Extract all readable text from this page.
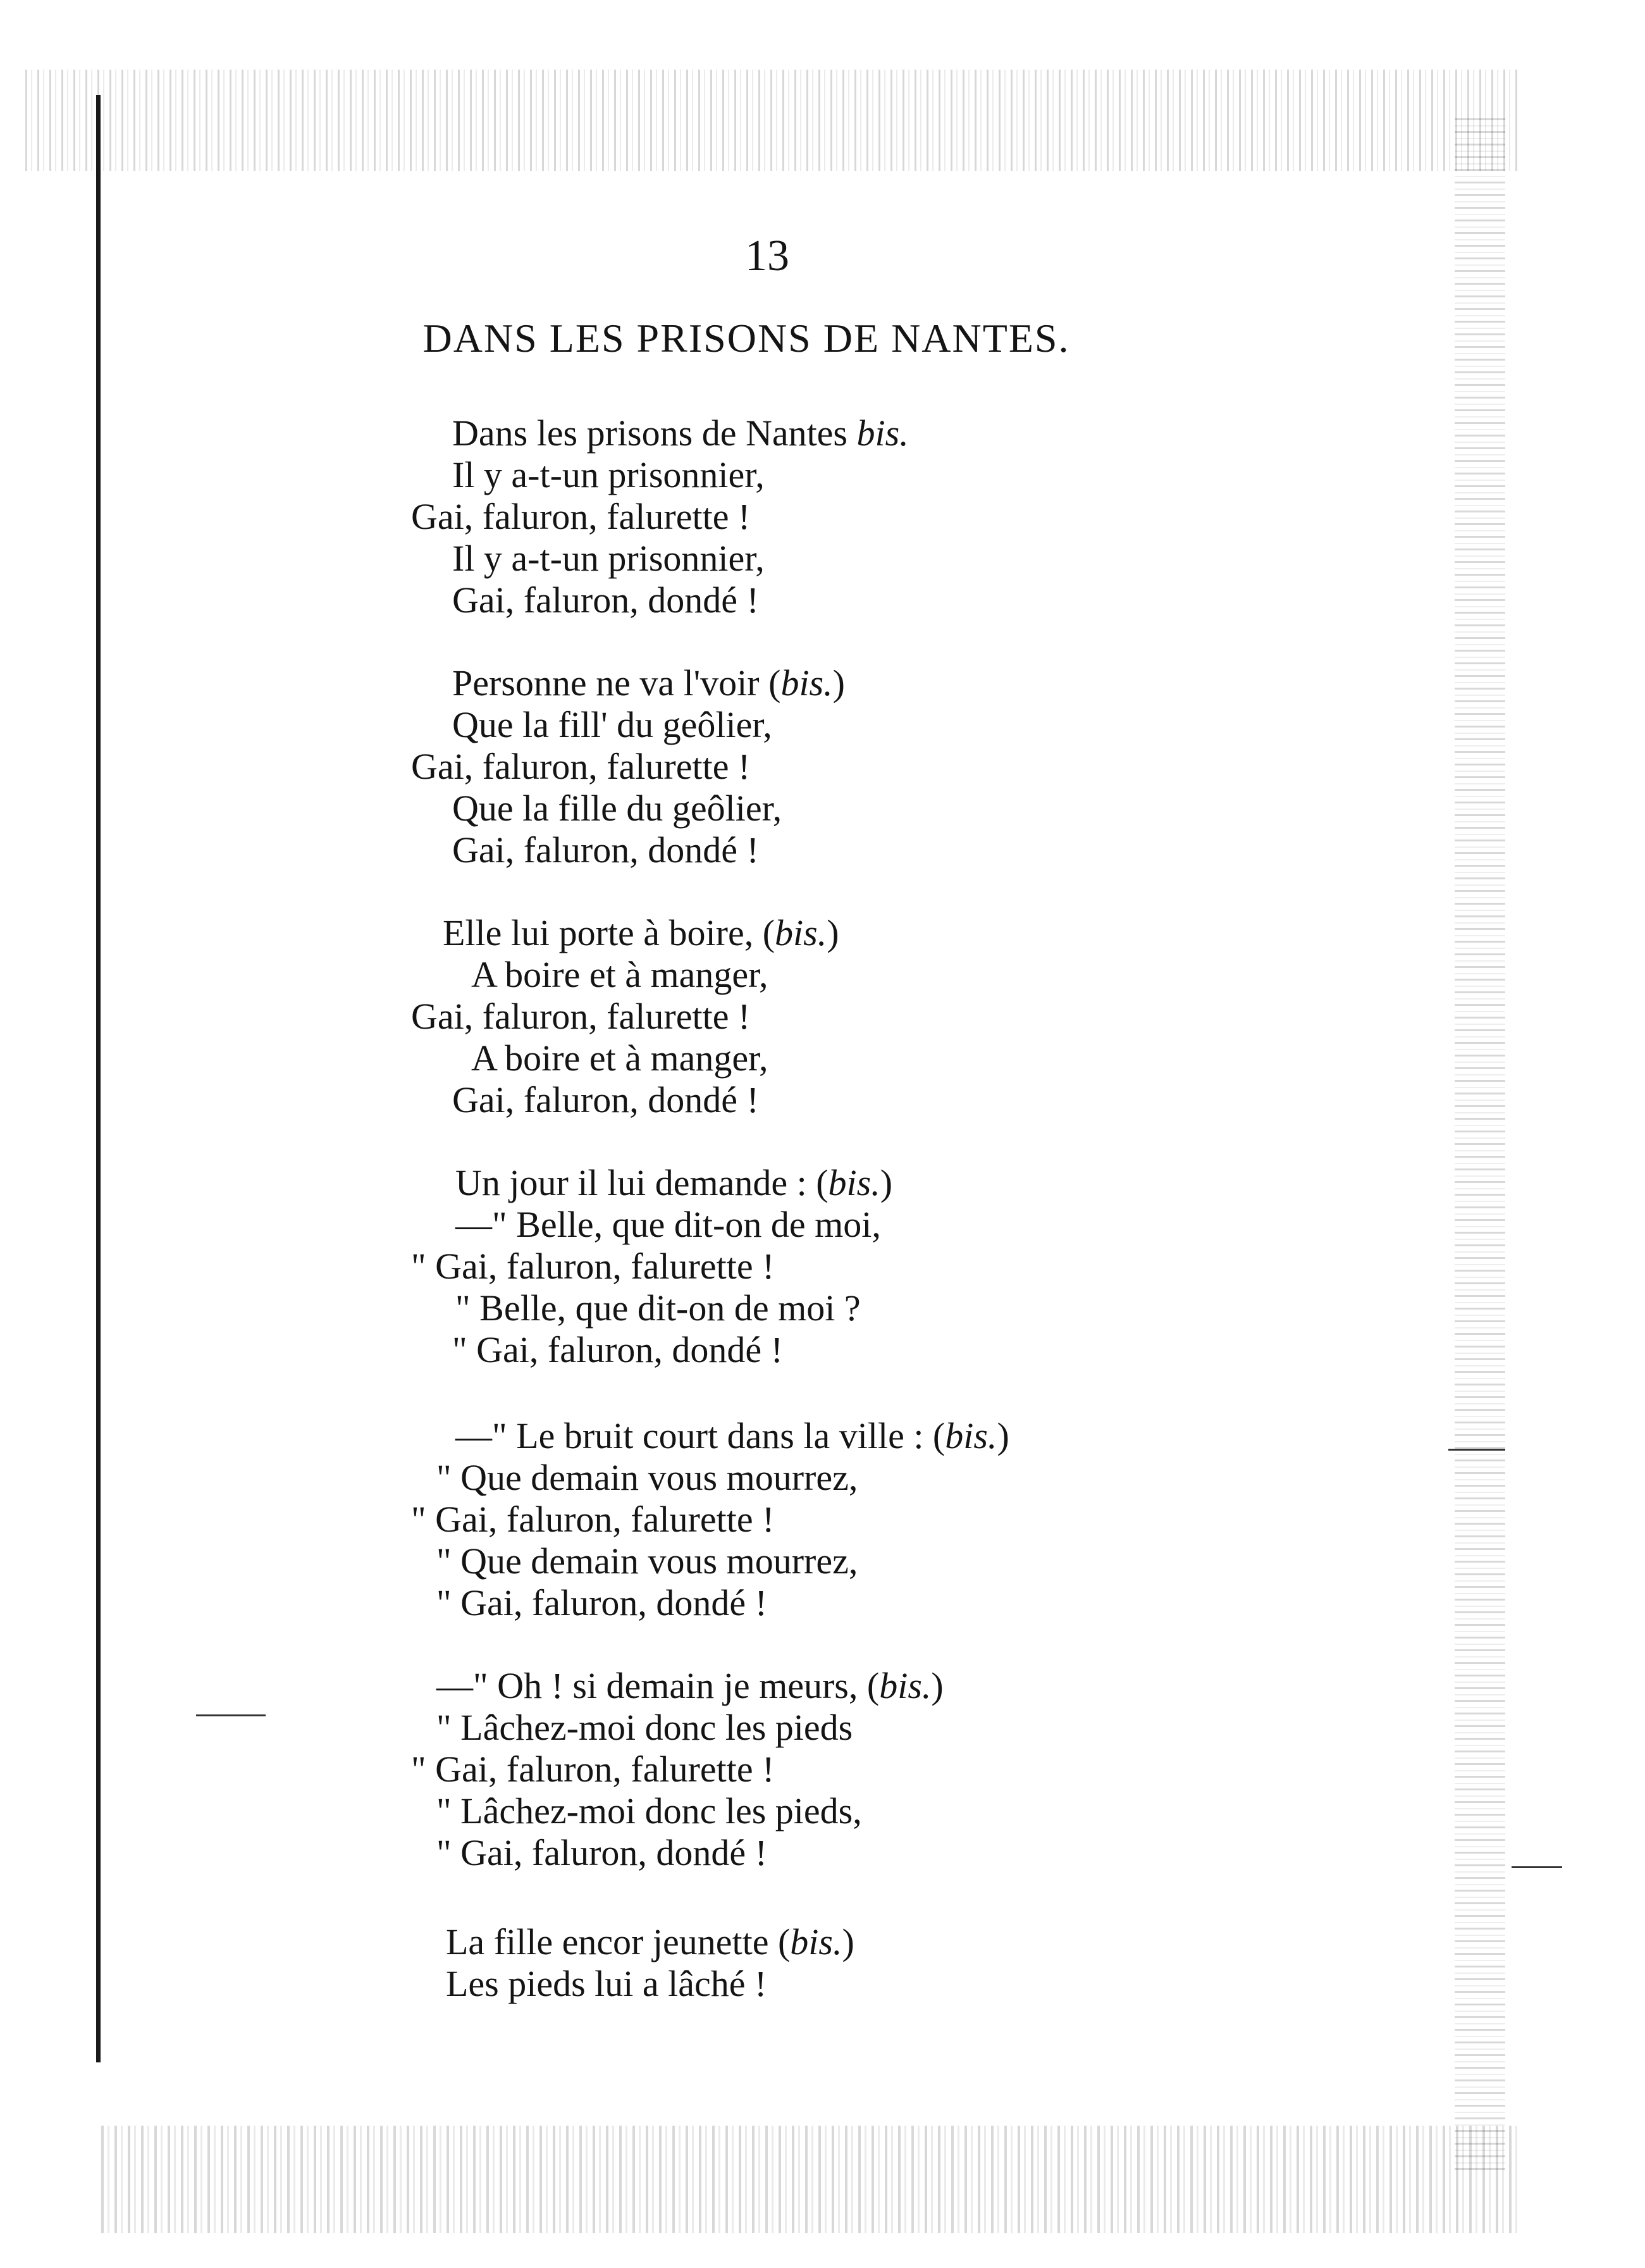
13
DANS LES PRISONS DE NANTES.
Dans les prisons de Nantes bis.
Il y a-t-un prisonnier,
Gai, faluron, falurette !
Il y a-t-un prisonnier,
Gai, faluron, dondé !
Personne ne va l'voir (bis.)
Que la fill' du geôlier,
Gai, faluron, falurette !
Que la fille du geôlier,
Gai, faluron, dondé !
Elle lui porte à boire, (bis.)
A boire et à manger,
Gai, faluron, falurette !
A boire et à manger,
Gai, faluron, dondé !
Un jour il lui demande : (bis.)
—" Belle, que dit-on de moi,
" Gai, faluron, falurette !
" Belle, que dit-on de moi ?
" Gai, faluron, dondé !
—" Le bruit court dans la ville : (bis.)
" Que demain vous mourrez,
" Gai, faluron, falurette !
" Que demain vous mourrez,
" Gai, faluron, dondé !
—" Oh ! si demain je meurs, (bis.)
" Lâchez-moi donc les pieds
" Gai, faluron, falurette !
" Lâchez-moi donc les pieds,
" Gai, faluron, dondé !
La fille encor jeunette (bis.)
Les pieds lui a lâché !
